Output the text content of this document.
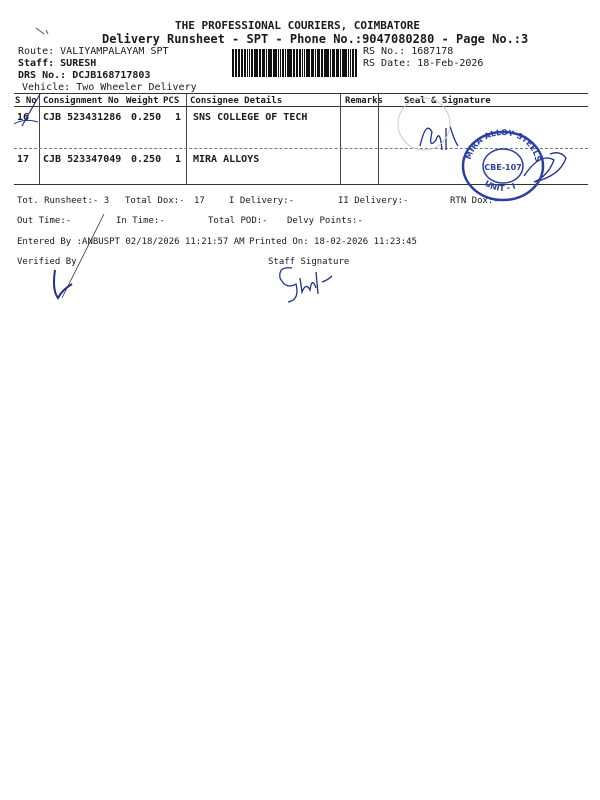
THE PROFESSIONAL COURIERS, COIMBATORE
Delivery Runsheet - SPT - Phone No.:9047080280 - Page No.:3
Route: VALIYAMPALAYAM SPT
Staff: SURESH
DRS No.: DCJB168717803
Vehicle: Two Wheeler Delivery
RS No.: 1687178
RS Date: 18-Feb-2026
S No Consignment No Weight PCS Consignee Details	Remarks Seal & Signature
16 CJB 523431286 0.250 1 SNS COLLEGE OF TECH
17 CJB 523347049 0.250 1 MIRA ALLOYS
Tot. Runsheet:- 3 Total Dox:- 17	I Delivery:-	II Delivery:-	RTN Dox:-
Out Time:-	In Time:-	Total POD:- Delvy Points:-
Entered By :ANBUSPT 02/18/2026 11:21:57 AM Printed On: 18-02-2026 11:23:45
Verified By	Staff Signature
MIRA ALLOY STEELS
UNIT - I
CBE-107
